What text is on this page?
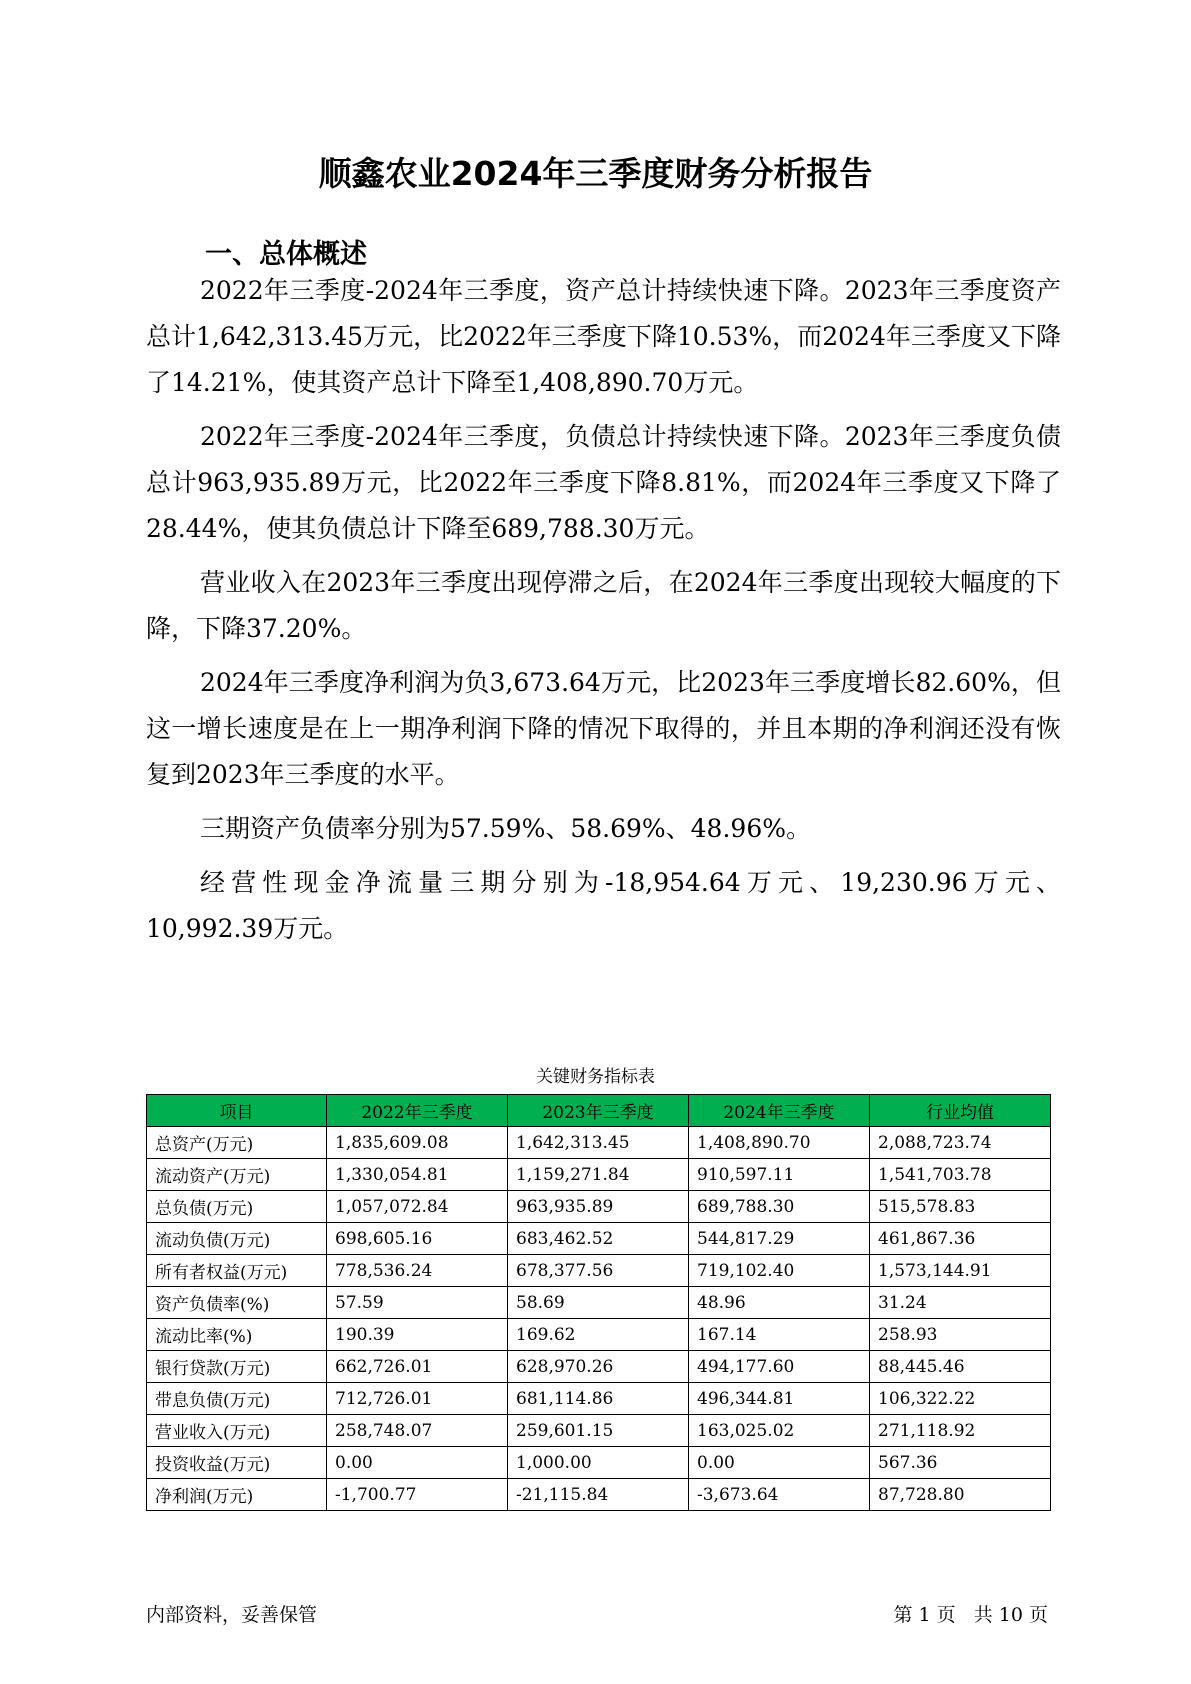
顺鑫农业2024年三季度财务分析报告
一、总体概述

2022年三季度-2024年三季度，资产总计持续快速下降。2023年三季度资产总计1,642,313.45万元，比2022年三季度下降10.53%，而2024年三季度又下降了14.21%，使其资产总计下降至1,408,890.70万元。

2022年三季度-2024年三季度，负债总计持续快速下降。2023年三季度负债总计963,935.89万元，比2022年三季度下降8.81%，而2024年三季度又下降了28.44%，使其负债总计下降至689,788.30万元。

营业收入在2023年三季度出现停滞之后，在2024年三季度出现较大幅度的下降，下降37.20%。

2024年三季度净利润为负3,673.64万元，比2023年三季度增长82.60%，但这一增长速度是在上一期净利润下降的情况下取得的，并且本期的净利润还没有恢复到2023年三季度的水平。

三期资产负债率分别为57.59%、58.69%、48.96%。

经营性现金净流量三期分别为-18,954.64万元、19,230.96万元、10,992.39万元。

关键财务指标表
项目	2022年三季度	2023年三季度	2024年三季度	行业均值
总资产(万元)	1,835,609.08	1,642,313.45	1,408,890.70	2,088,723.74
流动资产(万元)	1,330,054.81	1,159,271.84	910,597.11	1,541,703.78
总负债(万元)	1,057,072.84	963,935.89	689,788.30	515,578.83
流动负债(万元)	698,605.16	683,462.52	544,817.29	461,867.36
所有者权益(万元)	778,536.24	678,377.56	719,102.40	1,573,144.91
资产负债率(%)	57.59	58.69	48.96	31.24
流动比率(%)	190.39	169.62	167.14	258.93
银行贷款(万元)	662,726.01	628,970.26	494,177.60	88,445.46
带息负债(万元)	712,726.01	681,114.86	496,344.81	106,322.22
营业收入(万元)	258,748.07	259,601.15	163,025.02	271,118.92
投资收益(万元)	0.00	1,000.00	0.00	567.36
净利润(万元)	-1,700.77	-21,115.84	-3,673.64	87,728.80
内部资料，妥善保管	第 1 页   共 10 页
